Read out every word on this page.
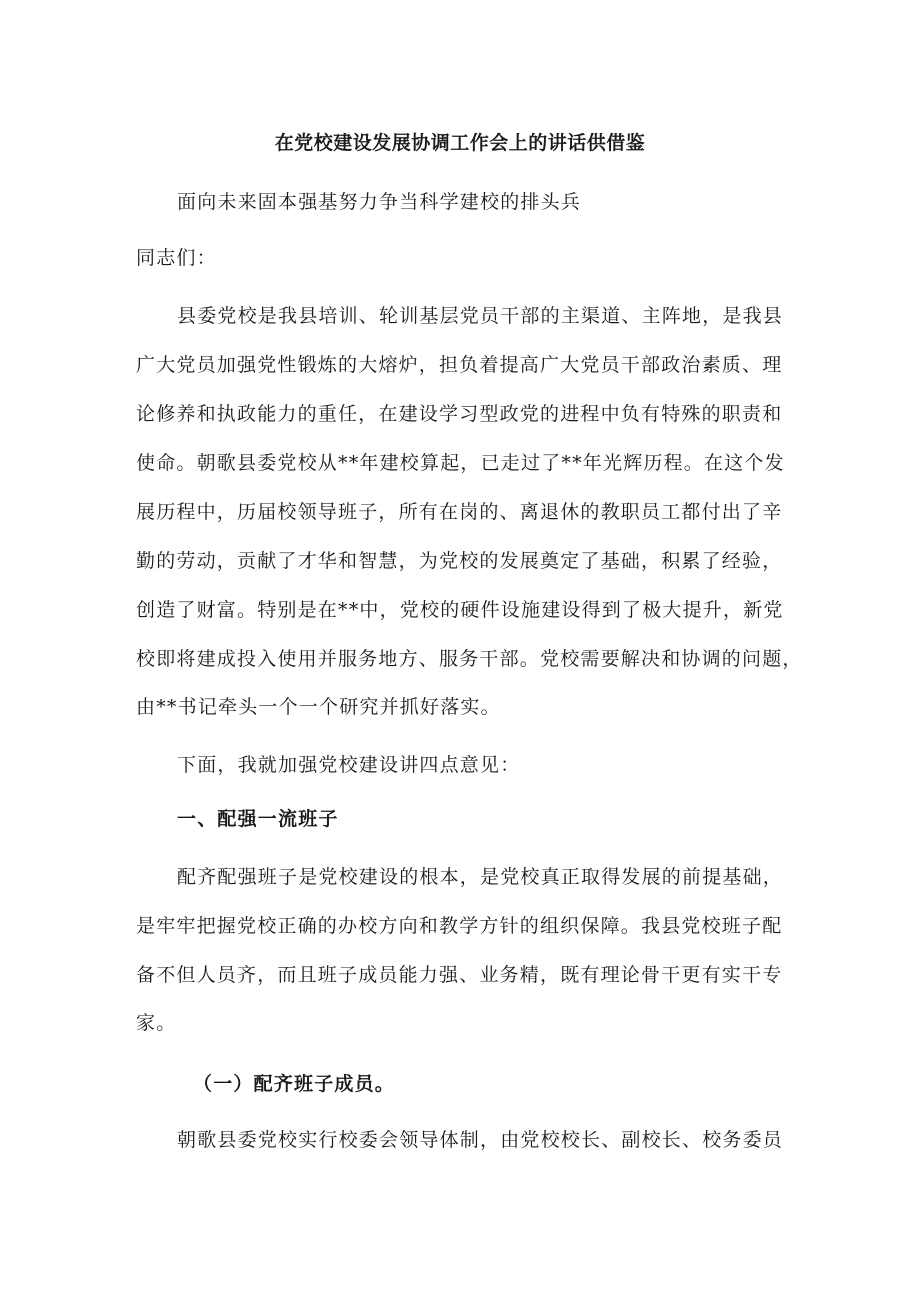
在党校建设发展协调工作会上的讲话供借鉴
面向未来固本强基努力争当科学建校的排头兵
同志们：
县委党校是我县培训、轮训基层党员干部的主渠道、主阵地，是我县
广大党员加强党性锻炼的大熔炉，担负着提高广大党员干部政治素质、理
论修养和执政能力的重任，在建设学习型政党的进程中负有特殊的职责和
使命。朝歌县委党校从**年建校算起，已走过了**年光辉历程。在这个发
展历程中，历届校领导班子，所有在岗的、离退休的教职员工都付出了辛
勤的劳动，贡献了才华和智慧，为党校的发展奠定了基础，积累了经验，
创造了财富。特别是在**中，党校的硬件设施建设得到了极大提升，新党
校即将建成投入使用并服务地方、服务干部。党校需要解决和协调的问题，
由**书记牵头一个一个研究并抓好落实。
下面，我就加强党校建设讲四点意见：
一、配强一流班子
配齐配强班子是党校建设的根本，是党校真正取得发展的前提基础，
是牢牢把握党校正确的办校方向和教学方针的组织保障。我县党校班子配
备不但人员齐，而且班子成员能力强、业务精，既有理论骨干更有实干专
家。
（一）配齐班子成员。
朝歌县委党校实行校委会领导体制，由党校校长、副校长、校务委员
